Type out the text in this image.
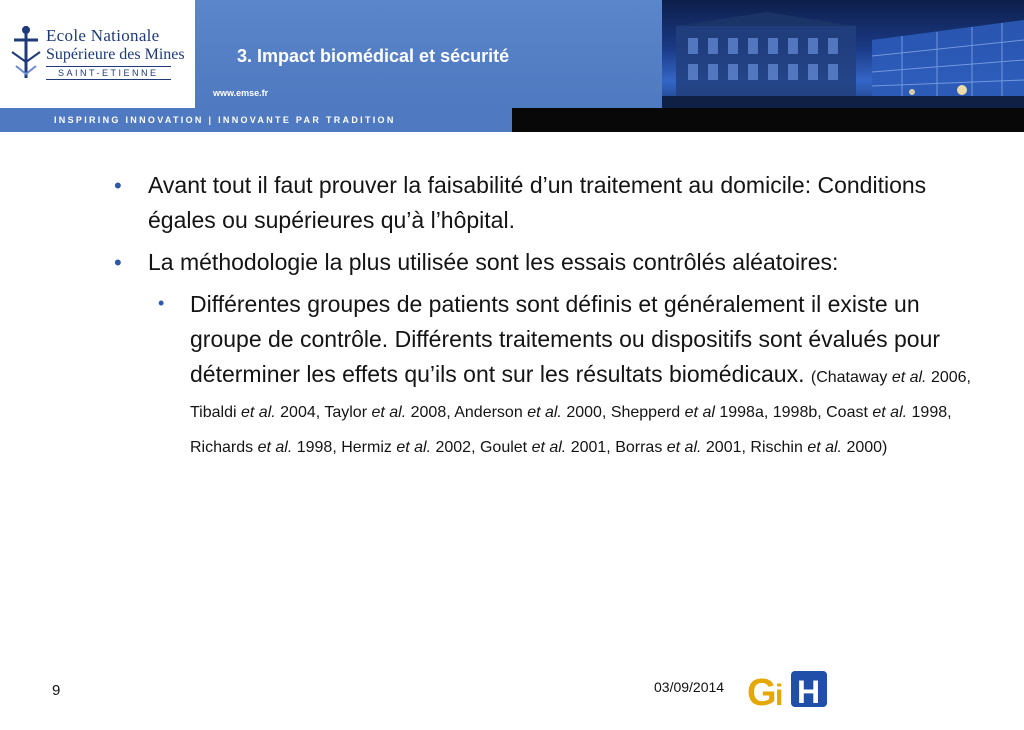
Ecole Nationale
Supérieure des Mines
SAINT-ETIENNE
3. Impact biomédical et sécurité
www.emse.fr
INSPIRING INNOVATION | INNOVANTE PAR TRADITION
• Avant tout il faut prouver la faisabilité d’un traitement au domicile: Conditions égales ou supérieures qu’à l’hôpital.
• La méthodologie la plus utilisée sont les essais contrôlés aléatoires:
• Différentes groupes de patients sont définis et généralement il existe un groupe de contrôle. Différents traitements ou dispositifs sont évalués pour déterminer les effets qu’ils ont sur les résultats biomédicaux. (Chataway et al. 2006, Tibaldi et al. 2004, Taylor et al. 2008, Anderson et al. 2000, Shepperd et al 1998a, 1998b, Coast et al. 1998, Richards et al. 1998, Hermiz et al. 2002, Goulet et al. 2001, Borras et al. 2001, Rischin et al. 2000)
9	03/09/2014 G
i H
